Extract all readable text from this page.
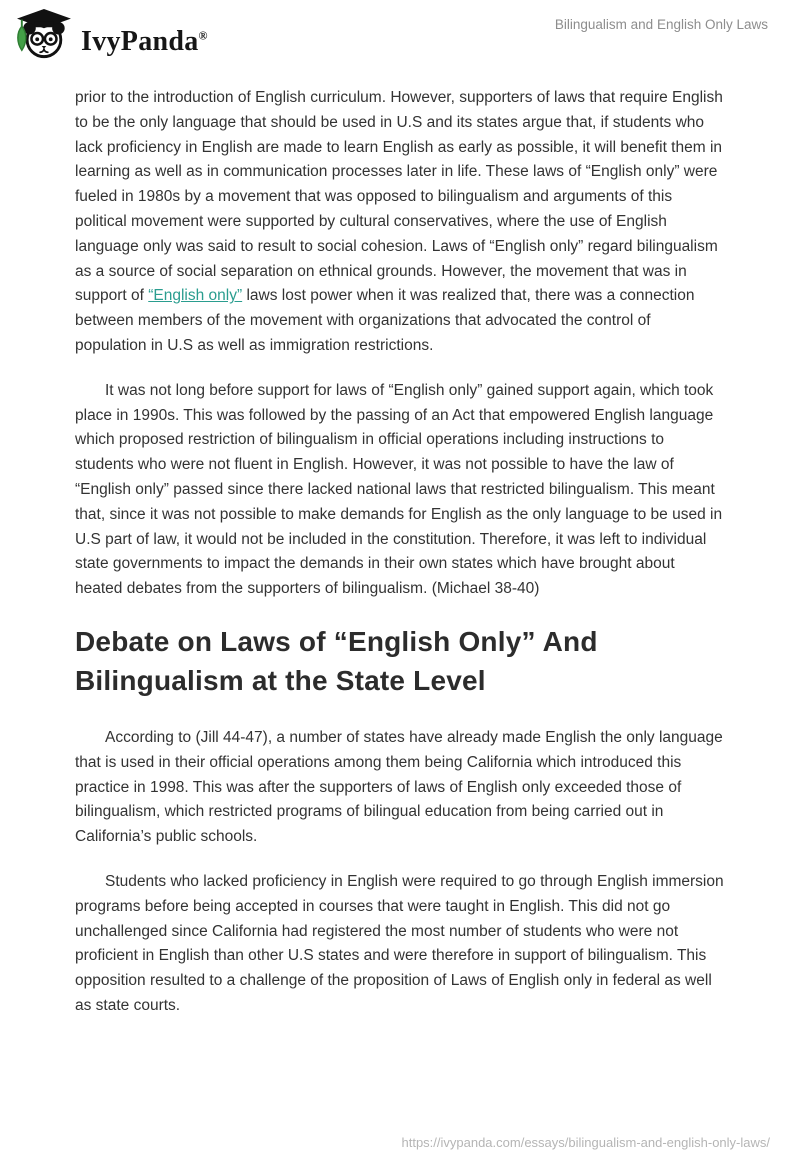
IvyPanda®
Bilingualism and English Only Laws

prior to the introduction of English curriculum. However, supporters of laws that require English to be the only language that should be used in U.S and its states argue that, if students who lack proficiency in English are made to learn English as early as possible, it will benefit them in learning as well as in communication processes later in life. These laws of “English only” were fueled in 1980s by a movement that was opposed to bilingualism and arguments of this political movement were supported by cultural conservatives, where the use of English language only was said to result to social cohesion. Laws of “English only” regard bilingualism as a source of social separation on ethnical grounds. However, the movement that was in support of “English only” laws lost power when it was realized that, there was a connection between members of the movement with organizations that advocated the control of population in U.S as well as immigration restrictions.

It was not long before support for laws of “English only” gained support again, which took place in 1990s. This was followed by the passing of an Act that empowered English language which proposed restriction of bilingualism in official operations including instructions to students who were not fluent in English. However, it was not possible to have the law of “English only” passed since there lacked national laws that restricted bilingualism. This meant that, since it was not possible to make demands for English as the only language to be used in U.S part of law, it would not be included in the constitution. Therefore, it was left to individual state governments to impact the demands in their own states which have brought about heated debates from the supporters of bilingualism. (Michael 38-40)

Debate on Laws of “English Only” And Bilingualism at the State Level

According to (Jill 44-47), a number of states have already made English the only language that is used in their official operations among them being California which introduced this practice in 1998. This was after the supporters of laws of English only exceeded those of bilingualism, which restricted programs of bilingual education from being carried out in California’s public schools.

Students who lacked proficiency in English were required to go through English immersion programs before being accepted in courses that were taught in English. This did not go unchallenged since California had registered the most number of students who were not proficient in English than other U.S states and were therefore in support of bilingualism. This opposition resulted to a challenge of the proposition of Laws of English only in federal as well as state courts.

https://ivypanda.com/essays/bilingualism-and-english-only-laws/
